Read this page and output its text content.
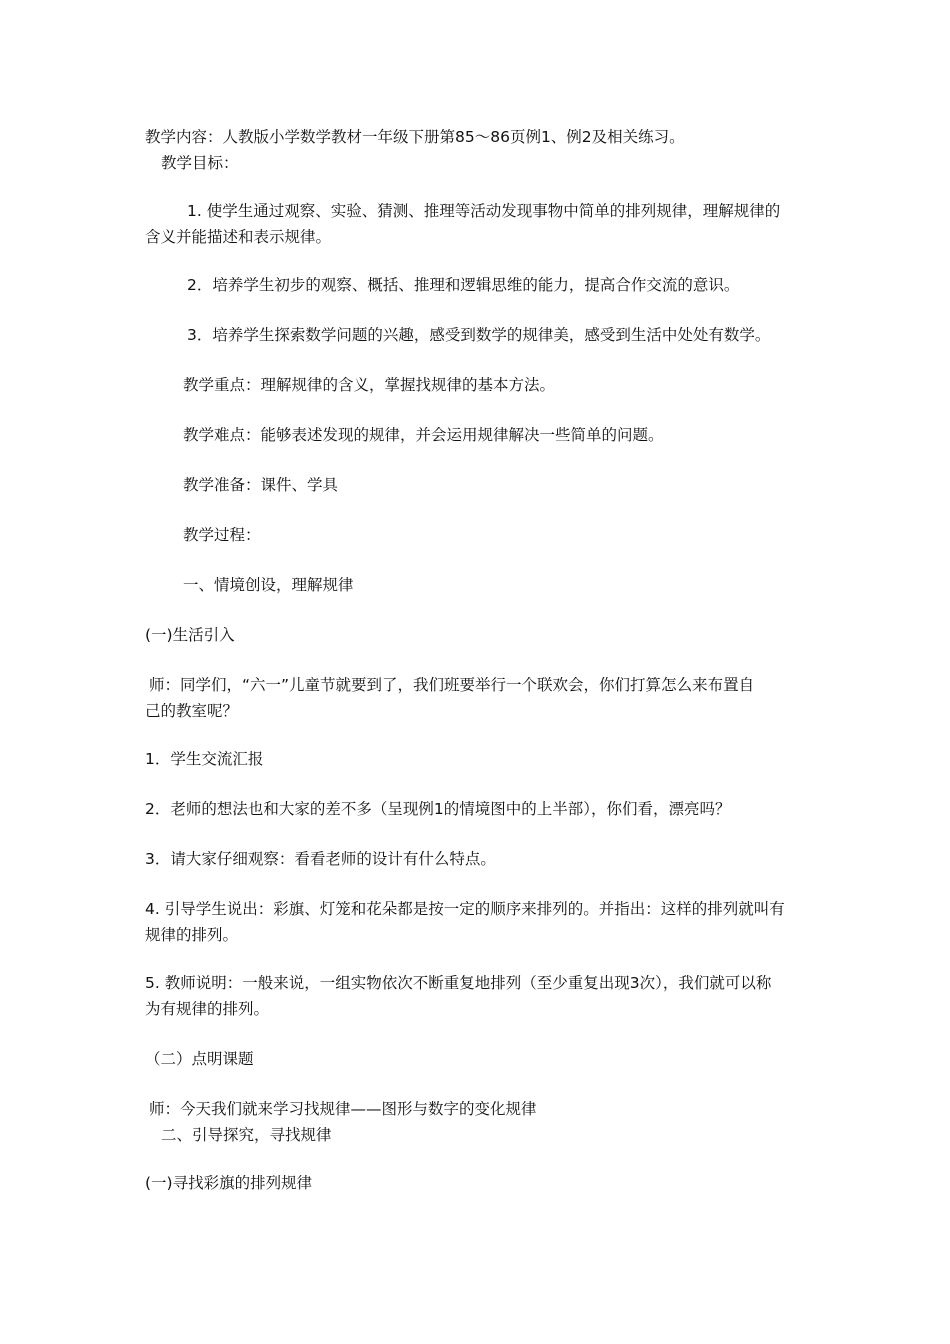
教学内容：人教版小学数学教材一年级下册第85～86页例1、例2及相关练习。
教学目标：
1. 使学生通过观察、实验、猜测、推理等活动发现事物中简单的排列规律，理解规律的
含义并能描述和表示规律。
2．培养学生初步的观察、概括、推理和逻辑思维的能力，提高合作交流的意识。
3．培养学生探索数学问题的兴趣，感受到数学的规律美，感受到生活中处处有数学。
教学重点：理解规律的含义，掌握找规律的基本方法。
教学难点：能够表述发现的规律，并会运用规律解决一些简单的问题。
教学准备：课件、学具
教学过程：
一、情境创设，理解规律
(一)生活引入
师：同学们，“六一”儿童节就要到了，我们班要举行一个联欢会，你们打算怎么来布置自
己的教室呢？
1．学生交流汇报
2．老师的想法也和大家的差不多（呈现例1的情境图中的上半部），你们看，漂亮吗？
3．请大家仔细观察：看看老师的设计有什么特点。
4. 引导学生说出：彩旗、灯笼和花朵都是按一定的顺序来排列的。并指出：这样的排列就叫有
规律的排列。
5. 教师说明：一般来说，一组实物依次不断重复地排列（至少重复出现3次），我们就可以称
为有规律的排列。
（二）点明课题
师：今天我们就来学习找规律——图形与数字的变化规律
二、引导探究，寻找规律
(一)寻找彩旗的排列规律
